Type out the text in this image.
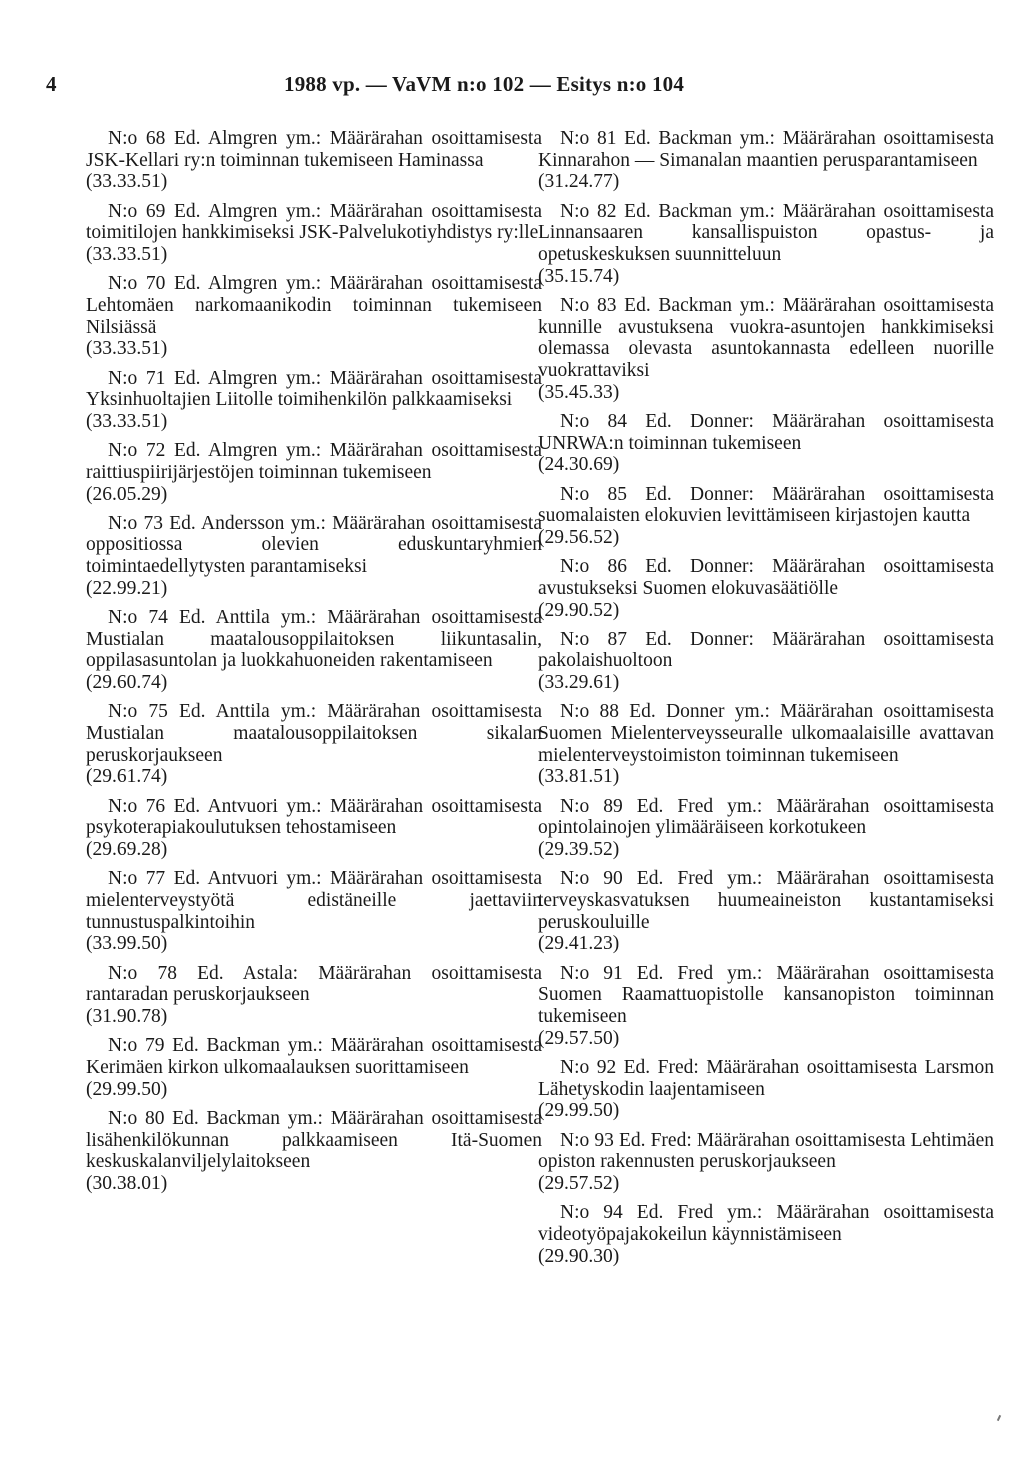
4	1988 vp. — VaVM n:o 102 — Esitys n:o 104
N:o 68 Ed. Almgren ym.: Määrärahan osoittamisesta JSK-Kellari ry:n toiminnan tukemiseen Haminassa
(33.33.51)
N:o 69 Ed. Almgren ym.: Määrärahan osoittamisesta toimitilojen hankkimiseksi JSK-Palvelukotiyhdistys ry:lle
(33.33.51)
N:o 70 Ed. Almgren ym.: Määrärahan osoittamisesta Lehtomäen narkomaanikodin toiminnan tukemiseen Nilsiässä
(33.33.51)
N:o 71 Ed. Almgren ym.: Määrärahan osoittamisesta Yksinhuoltajien Liitolle toimihenkilön palkkaamiseksi
(33.33.51)
N:o 72 Ed. Almgren ym.: Määrärahan osoittamisesta raittiuspiirijärjestöjen toiminnan tukemiseen
(26.05.29)
N:o 73 Ed. Andersson ym.: Määrärahan osoittamisesta oppositiossa olevien eduskuntaryhmien toimintaedellytysten parantamiseksi
(22.99.21)
N:o 74 Ed. Anttila ym.: Määrärahan osoittamisesta Mustialan maatalousoppilaitoksen liikuntasalin, oppilasasuntolan ja luokkahuoneiden rakentamiseen
(29.60.74)
N:o 75 Ed. Anttila ym.: Määrärahan osoittamisesta Mustialan maatalousoppilaitoksen sikalan peruskorjaukseen
(29.61.74)
N:o 76 Ed. Antvuori ym.: Määrärahan osoittamisesta psykoterapiakoulutuksen tehostamiseen
(29.69.28)
N:o 77 Ed. Antvuori ym.: Määrärahan osoittamisesta mielenterveystyötä edistäneille jaettaviin tunnustuspalkintoihin
(33.99.50)
N:o 78 Ed. Astala: Määrärahan osoittamisesta rantaradan peruskorjaukseen
(31.90.78)
N:o 79 Ed. Backman ym.: Määrärahan osoittamisesta Kerimäen kirkon ulkomaalauksen suorittamiseen
(29.99.50)
N:o 80 Ed. Backman ym.: Määrärahan osoittamisesta lisähenkilökunnan palkkaamiseen Itä-Suomen keskuskalanviljelylaitokseen
(30.38.01)
N:o 81 Ed. Backman ym.: Määrärahan osoittamisesta Kinnarahon — Simanalan maantien perusparantamiseen
(31.24.77)
N:o 82 Ed. Backman ym.: Määrärahan osoittamisesta Linnansaaren kansallispuiston opastus- ja opetuskeskuksen suunnitteluun
(35.15.74)
N:o 83 Ed. Backman ym.: Määrärahan osoittamisesta kunnille avustuksena vuokra-asuntojen hankkimiseksi olemassa olevasta asuntokannasta edelleen nuorille vuokrattaviksi
(35.45.33)
N:o 84 Ed. Donner: Määrärahan osoittamisesta UNRWA:n toiminnan tukemiseen
(24.30.69)
N:o 85 Ed. Donner: Määrärahan osoittamisesta suomalaisten elokuvien levittämiseen kirjastojen kautta
(29.56.52)
N:o 86 Ed. Donner: Määrärahan osoittamisesta avustukseksi Suomen elokuvasäätiölle
(29.90.52)
N:o 87 Ed. Donner: Määrärahan osoittamisesta pakolaishuoltoon
(33.29.61)
N:o 88 Ed. Donner ym.: Määrärahan osoittamisesta Suomen Mielenterveysseuralle ulkomaalaisille avattavan mielenterveystoimiston toiminnan tukemiseen
(33.81.51)
N:o 89 Ed. Fred ym.: Määrärahan osoittamisesta opintolainojen ylimääräiseen korkotukeen
(29.39.52)
N:o 90 Ed. Fred ym.: Määrärahan osoittamisesta terveyskasvatuksen huumeaineiston kustantamiseksi peruskouluille
(29.41.23)
N:o 91 Ed. Fred ym.: Määrärahan osoittamisesta Suomen Raamattuopistolle kansanopiston toiminnan tukemiseen
(29.57.50)
N:o 92 Ed. Fred: Määrärahan osoittamisesta Larsmon Lähetyskodin laajentamiseen
(29.99.50)
N:o 93 Ed. Fred: Määrärahan osoittamisesta Lehtimäen opiston rakennusten peruskorjaukseen
(29.57.52)
N:o 94 Ed. Fred ym.: Määrärahan osoittamisesta videotyöpajakokeilun käynnistämiseen
(29.90.30)
